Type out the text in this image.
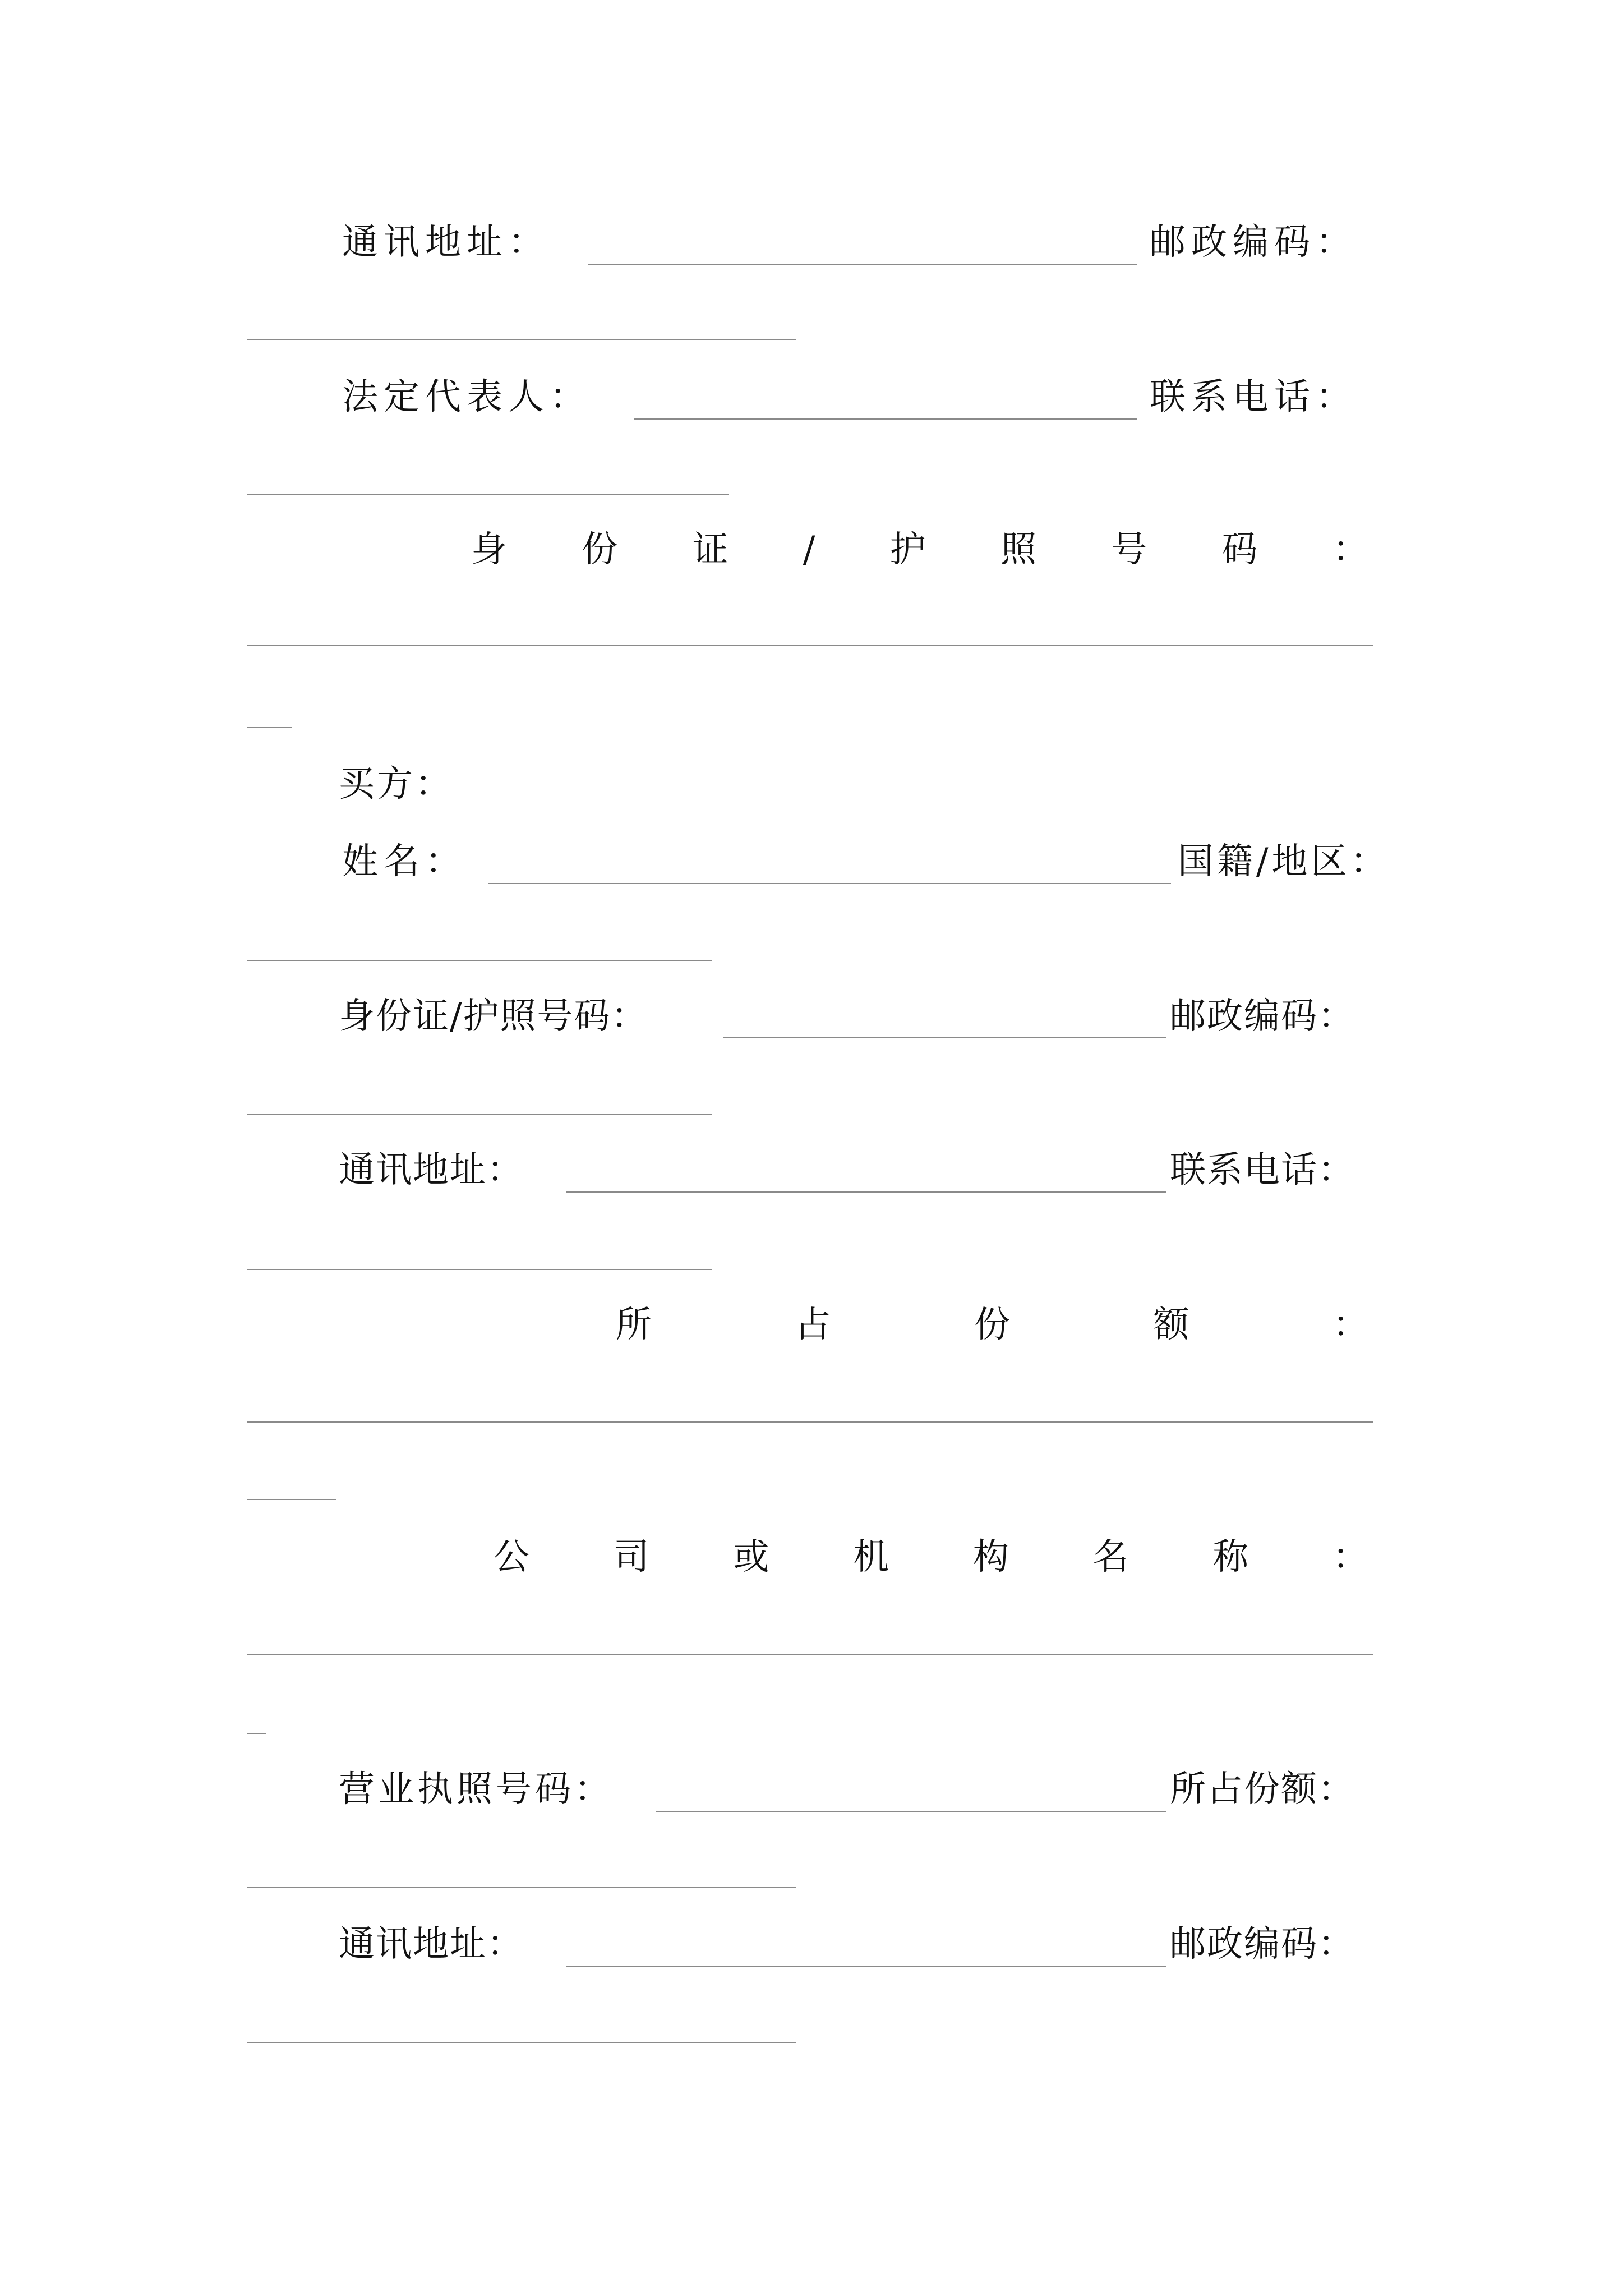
通讯地址：	邮政编码：
法定代表人：	联系电话：
身 份 证 / 护 照 号 码 ：
买方：
姓名：	国籍/地区：
身份证/护照号码：	邮政编码：
通讯地址：	联系电话：
所	占	份	额	：
公 司 或 机 构 名 称 ：
营业执照号码：	所占份额：
通讯地址：	邮政编码：
